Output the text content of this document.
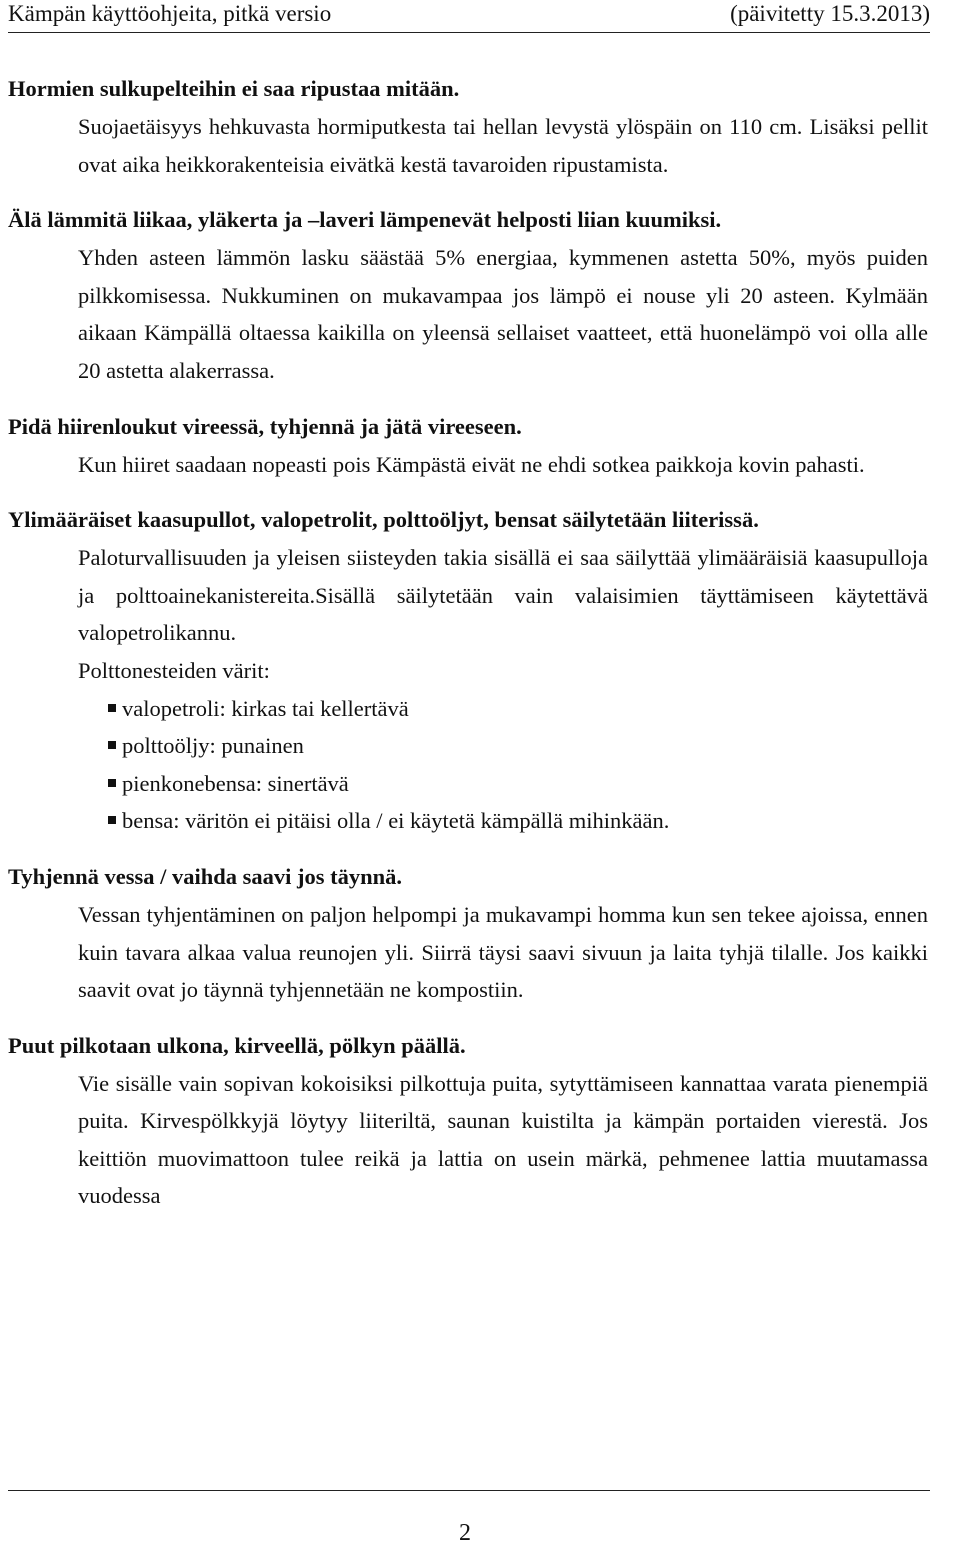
Kämpän käyttöohjeita, pitkä versio	(päivitetty 15.3.2013)

Hormien sulkupelteihin ei saa ripustaa mitään.

Suojaetäisyys hehkuvasta hormiputkesta tai hellan levystä ylöspäin on 110 cm. Lisäksi pellit ovat aika heikkorakenteisia eivätkä kestä tavaroiden ripustamista.

Älä lämmitä liikaa, yläkerta ja –laveri lämpenevät helposti liian kuumiksi.

Yhden asteen lämmön lasku säästää 5% energiaa, kymmenen astetta 50%, myös puiden pilkkomisessa. Nukkuminen on mukavampaa jos lämpö ei nouse yli 20 asteen. Kylmään aikaan Kämpällä oltaessa kaikilla on yleensä sellaiset vaatteet, että huonelämpö voi olla alle 20 astetta alakerrassa.

Pidä hiirenloukut vireessä, tyhjennä ja jätä vireeseen.

Kun hiiret saadaan nopeasti pois Kämpästä eivät ne ehdi sotkea paikkoja kovin pahasti.

Ylimääräiset kaasupullot, valopetrolit, polttoöljyt, bensat säilytetään liiterissä.

Paloturvallisuuden ja yleisen siisteyden takia sisällä ei saa säilyttää ylimääräisiä kaasupulloja ja polttoainekanistereita.Sisällä säilytetään vain valaisimien täyttämiseen käytettävä valopetrolikannu.

Polttonesteiden värit:

valopetroli: kirkas tai kellertävä
polttoöljy: punainen
pienkonebensa: sinertävä
bensa: väritön ei pitäisi olla / ei käytetä kämpällä mihinkään.

Tyhjennä vessa / vaihda saavi jos täynnä.

Vessan tyhjentäminen on paljon helpompi ja mukavampi homma kun sen tekee ajoissa, ennen kuin tavara alkaa valua reunojen yli. Siirrä täysi saavi sivuun ja laita tyhjä tilalle. Jos kaikki saavit ovat jo täynnä tyhjennetään ne kompostiin.

Puut pilkotaan ulkona, kirveellä, pölkyn päällä.

Vie sisälle vain sopivan kokoisiksi pilkottuja puita, sytyttämiseen kannattaa varata pienempiä puita. Kirvespölkkyjä löytyy liiteriltä, saunan kuistilta ja kämpän portaiden vierestä. Jos keittiön muovimattoon tulee reikä ja lattia on usein märkä, pehmenee lattia muutamassa vuodessa

2
